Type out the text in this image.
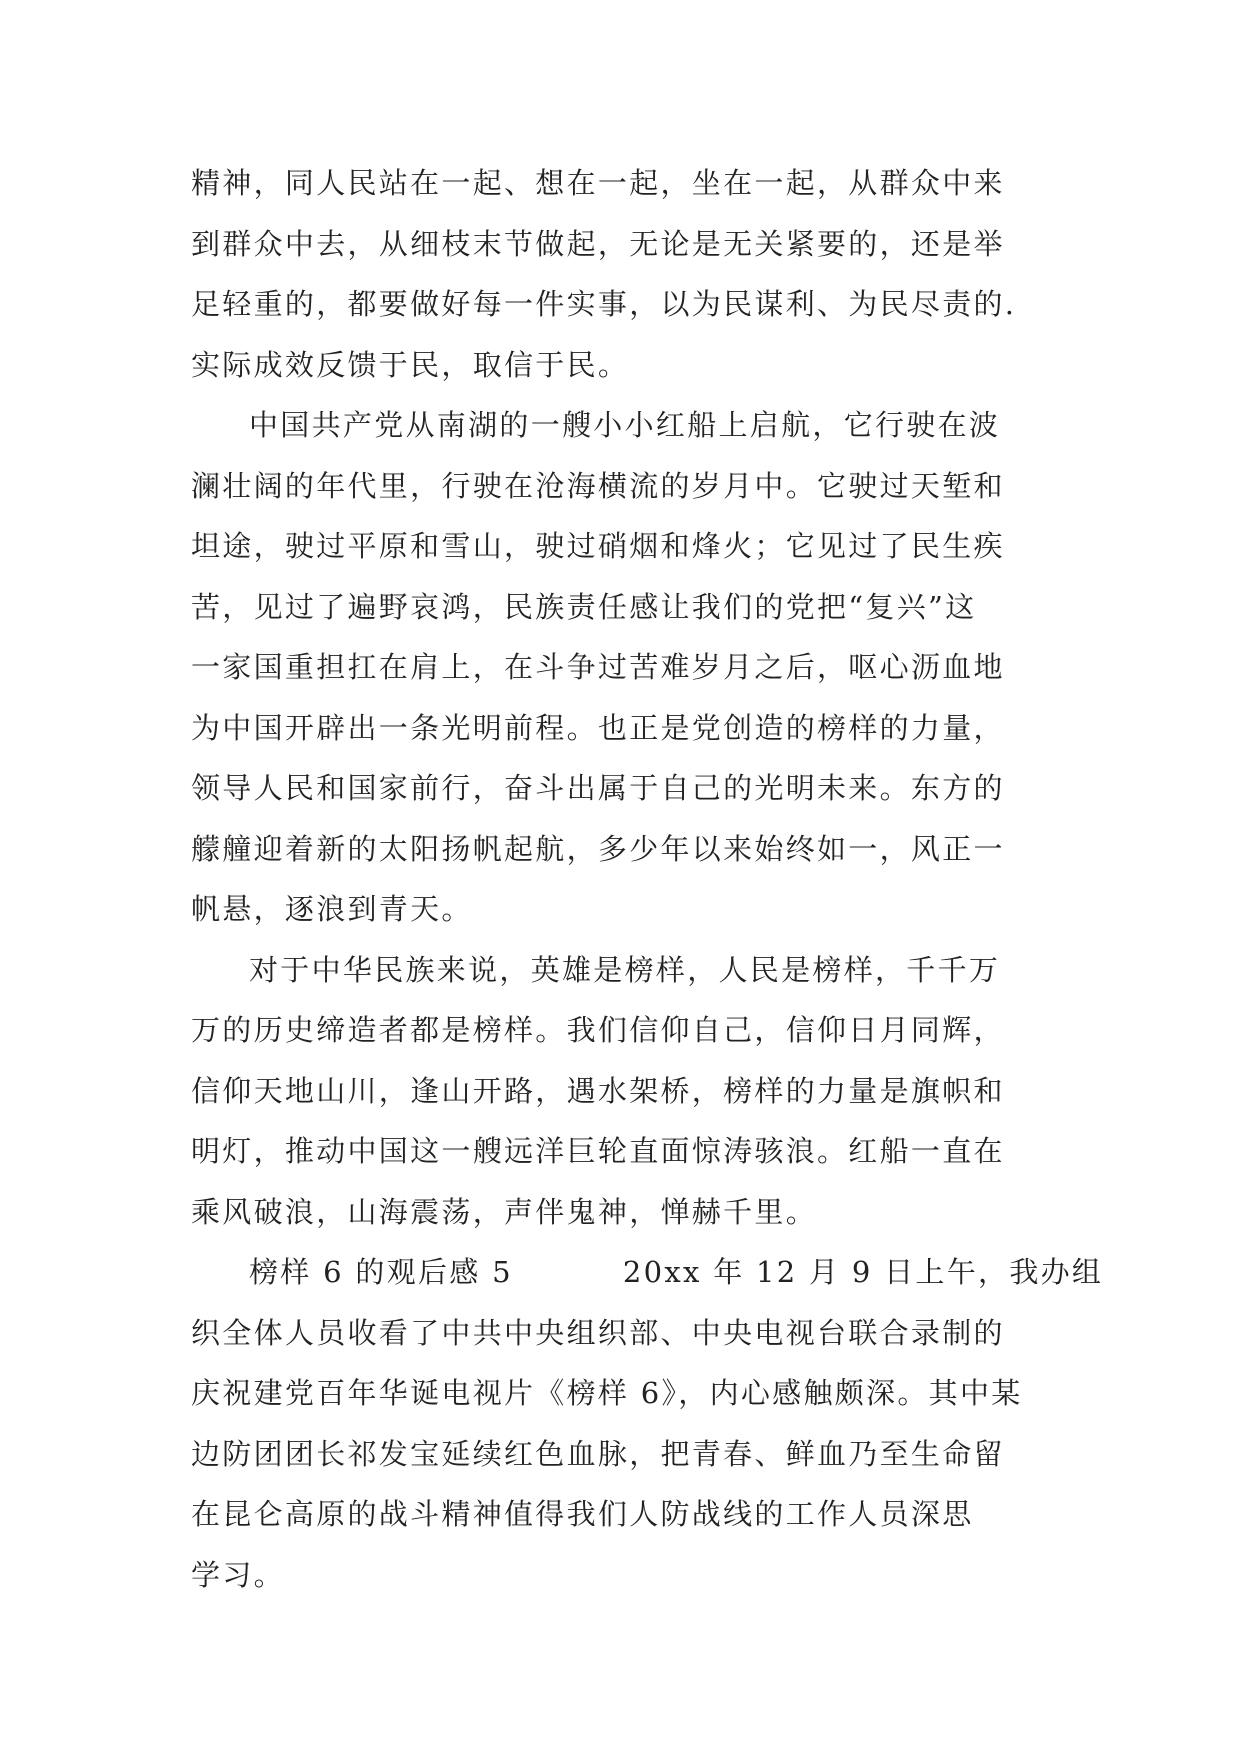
精神，同人民站在一起、想在一起，坐在一起，从群众中来
到群众中去，从细枝末节做起，无论是无关紧要的，还是举
足轻重的，都要做好每一件实事，以为民谋利、为民尽责的.
实际成效反馈于民，取信于民。

中国共产党从南湖的一艘小小红船上启航，它行驶在波
澜壮阔的年代里，行驶在沧海横流的岁月中。它驶过天堑和
坦途，驶过平原和雪山，驶过硝烟和烽火；它见过了民生疾
苦，见过了遍野哀鸿，民族责任感让我们的党把“复兴”这
一家国重担扛在肩上，在斗争过苦难岁月之后，呕心沥血地
为中国开辟出一条光明前程。也正是党创造的榜样的力量，
领导人民和国家前行，奋斗出属于自己的光明未来。东方的
艨艟迎着新的太阳扬帆起航，多少年以来始终如一，风正一
帆悬，逐浪到青天。

对于中华民族来说，英雄是榜样，人民是榜样，千千万
万的历史缔造者都是榜样。我们信仰自己，信仰日月同辉，
信仰天地山川，逢山开路，遇水架桥，榜样的力量是旗帜和
明灯，推动中国这一艘远洋巨轮直面惊涛骇浪。红船一直在
乘风破浪，山海震荡，声伴鬼神，惮赫千里。

榜样 6 的观后感 5	20xx 年 12 月 9 日上午，我办组
织全体人员收看了中共中央组织部、中央电视台联合录制的
庆祝建党百年华诞电视片《榜样 6》，内心感触颇深。其中某
边防团团长祁发宝延续红色血脉，把青春、鲜血乃至生命留
在昆仑高原的战斗精神值得我们人防战线的工作人员深思
学习。
